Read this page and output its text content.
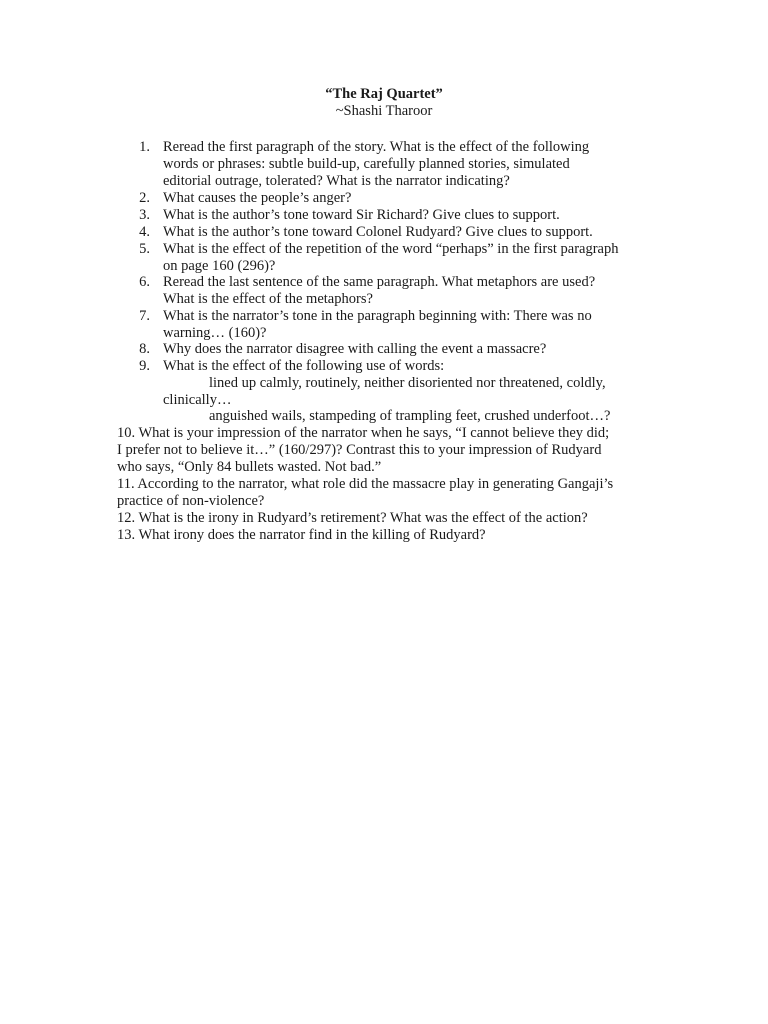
“The Raj Quartet”
~Shashi Tharoor
1. Reread the first paragraph of the story. What is the effect of the following
words or phrases: subtle build-up, carefully planned stories, simulated
editorial outrage, tolerated? What is the narrator indicating?
2. What causes the people’s anger?
3. What is the author’s tone toward Sir Richard? Give clues to support.
4. What is the author’s tone toward Colonel Rudyard? Give clues to support.
5. What is the effect of the repetition of the word “perhaps” in the first paragraph
on page 160 (296)?
6. Reread the last sentence of the same paragraph. What metaphors are used?
What is the effect of the metaphors?
7. What is the narrator’s tone in the paragraph beginning with: There was no
warning… (160)?
8. Why does the narrator disagree with calling the event a massacre?
9. What is the effect of the following use of words:
lined up calmly, routinely, neither disoriented nor threatened, coldly,
clinically…
anguished wails, stampeding of trampling feet, crushed underfoot…?
10. What is your impression of the narrator when he says, “I cannot believe they did;
I prefer not to believe it…” (160/297)? Contrast this to your impression of Rudyard
who says, “Only 84 bullets wasted. Not bad.”
11. According to the narrator, what role did the massacre play in generating Gangaji’s
practice of non-violence?
12. What is the irony in Rudyard’s retirement? What was the effect of the action?
13. What irony does the narrator find in the killing of Rudyard?
